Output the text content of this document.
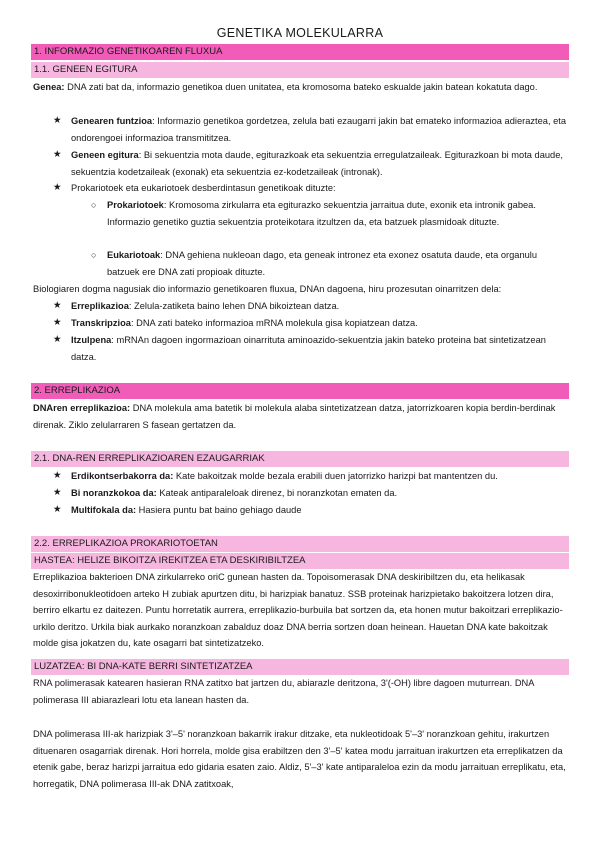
GENETIKA MOLEKULARRA
1. INFORMAZIO GENETIKOAREN FLUXUA
1.1. GENEEN EGITURA
Genea: DNA zati bat da, informazio genetikoa duen unitatea, eta kromosoma bateko eskualde jakin batean kokatuta dago.
★ Genearen funtzioa: Informazio genetikoa gordetzea, zelula bati ezaugarri jakin bat emateko informazioa adieraztea, eta ondorengoei informazioa transmititzea.
★ Geneen egitura: Bi sekuentzia mota daude, egiturazkoak eta sekuentzia erregulatzaileak. Egiturazkoan bi mota daude, sekuentzia kodetzaileak (exonak) eta sekuentzia ez-kodetzaileak (intronak).
★ Prokariotoek eta eukariotoek desberdintasun genetikoak dituzte:
○ Prokariotoek: Kromosoma zirkularra eta egiturazko sekuentzia jarraitua dute, exonik eta intronik gabea. Informazio genetiko guztia sekuentzia proteikotara itzultzen da, eta batzuek plasmidoak dituzte.
○ Eukariotoak: DNA gehiena nukleoan dago, eta geneak intronez eta exonez osatuta daude, eta organulu batzuek ere DNA zati propioak dituzte.
Biologiaren dogma nagusiak dio informazio genetikoaren fluxua, DNAn dagoena, hiru prozesutan oinarritzen dela:
★ Erreplikazioa: Zelula-zatiketa baino lehen DNA bikoiztean datza.
★ Transkripzioa: DNA zati bateko informazioa mRNA molekula gisa kopiatzean datza.
★ Itzulpena: mRNAn dagoen ingormazioan oinarrituta aminoazido-sekuentzia jakin bateko proteina bat sintetizatzean datza.
2. ERREPLIKAZIOA
DNAren erreplikazioa: DNA molekula ama batetik bi molekula alaba sintetizatzean datza, jatorrizkoaren kopia berdin-berdinak direnak. Ziklo zelularraren S fasean gertatzen da.
2.1. DNA-REN ERREPLIKAZIOAREN EZAUGARRIAK
★ Erdikontserbakorra da: Kate bakoitzak molde bezala erabili duen jatorrizko harizpi bat mantentzen du.
★ Bi noranzkokoa da: Kateak antiparaleloak direnez, bi noranzkotan ematen da.
★ Multifokala da: Hasiera puntu bat baino gehiago daude
2.2. ERREPLIKAZIOA PROKARIOTOETAN
HASTEA: HELIZE BIKOITZA IREKITZEA ETA DESKIRIBILTZEA
Erreplikazioa bakterioen DNA zirkularreko oriC gunean hasten da. Topoisomerasak DNA deskiribiltzen du, eta helikasak desoxirribonukleotidoen arteko H zubiak apurtzen ditu, bi harizpiak banatuz. SSB proteinak harizpietako bakoitzera lotzen dira, berriro elkartu ez daitezen. Puntu horretatik aurrera, erreplikazio-burbuila bat sortzen da, eta honen mutur bakoitzari erreplikazio-urkilo deritzo. Urkila biak aurkako noranzkoan zabalduz doaz DNA berria sortzen doan heinean. Hauetan DNA kate bakoitzak molde gisa jokatzen du, kate osagarri bat sintetizatzeko.
LUZATZEA: BI DNA-KATE BERRI SINTETIZATZEA
RNA polimerasak katearen hasieran RNA zatitxo bat jartzen du, abiarazle deritzona, 3'(-OH) libre dagoen muturrean. DNA polimerasa III abiarazleari lotu eta lanean hasten da.
DNA polimerasa III-ak harizpiak 3'–5' noranzkoan bakarrik irakur ditzake, eta nukleotidoak 5'–3' noranzkoan gehitu, irakurtzen dituenaren osagarriak direnak. Hori horrela, molde gisa erabiltzen den 3'–5' katea modu jarraituan irakurtzen eta erreplikatzen da etenik gabe, beraz harizpi jarraitua edo gidaria esaten zaio. Aldiz, 5'–3' kate antiparaleloa ezin da modu jarraituan erreplikatu, eta, horregatik, DNA polimerasa III-ak DNA zatitxoak,
